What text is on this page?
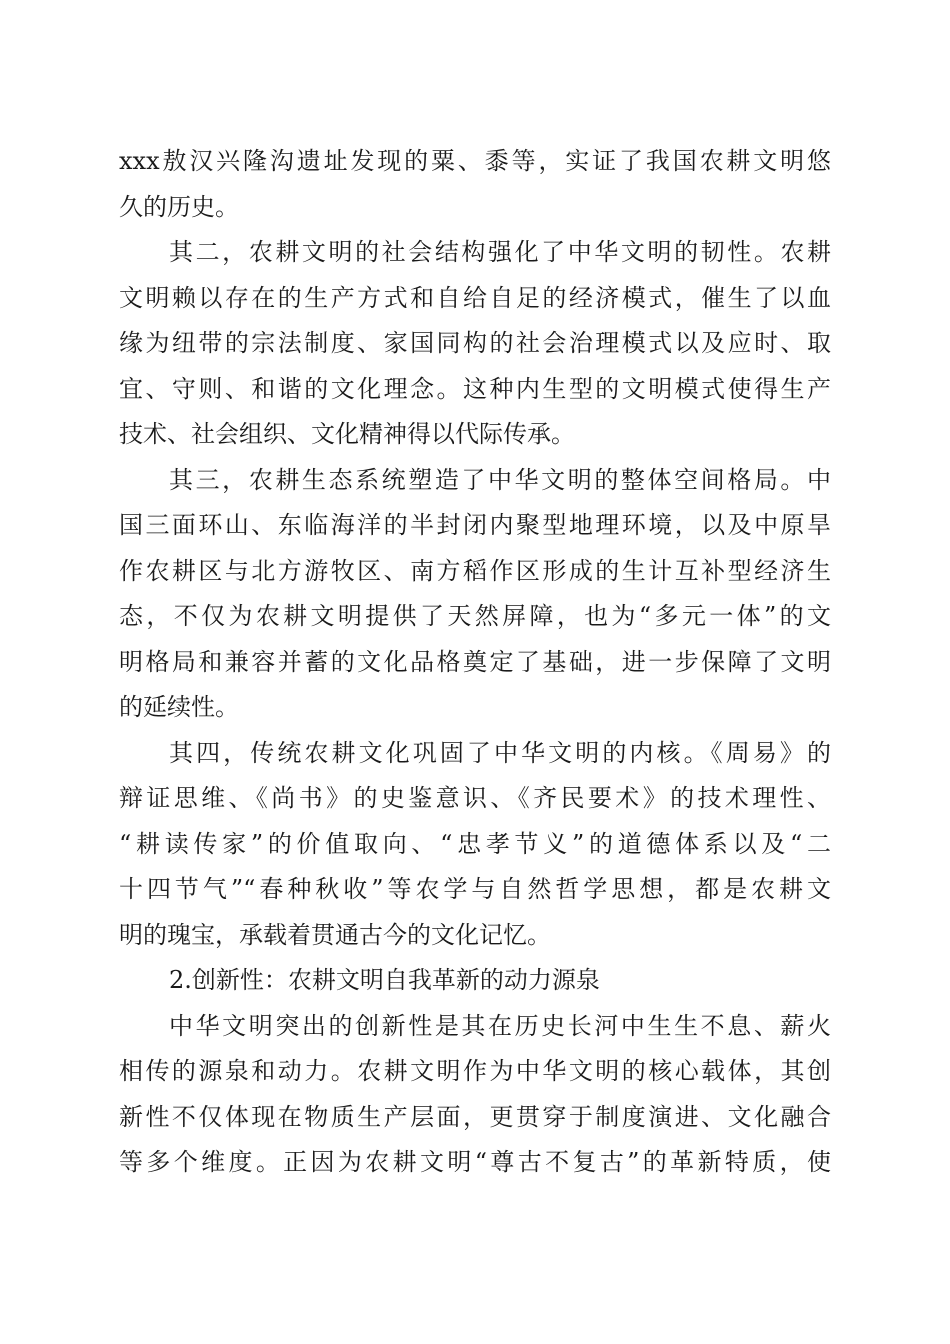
xxx敖汉兴隆沟遗址发现的粟、黍等，实证了我国农耕文明悠
久的历史。
其二，农耕文明的社会结构强化了中华文明的韧性。农耕
文明赖以存在的生产方式和自给自足的经济模式，催生了以血
缘为纽带的宗法制度、家国同构的社会治理模式以及应时、取
宜、守则、和谐的文化理念。这种内生型的文明模式使得生产
技术、社会组织、文化精神得以代际传承。
其三，农耕生态系统塑造了中华文明的整体空间格局。中
国三面环山、东临海洋的半封闭内聚型地理环境，以及中原旱
作农耕区与北方游牧区、南方稻作区形成的生计互补型经济生
态，不仅为农耕文明提供了天然屏障，也为“多元一体”的文
明格局和兼容并蓄的文化品格奠定了基础，进一步保障了文明
的延续性。
其四，传统农耕文化巩固了中华文明的内核。《周易》的
辩证思维、《尚书》的史鉴意识、《齐民要术》的技术理性、
“耕读传家”的价值取向、“忠孝节义”的道德体系以及“二
十四节气”“春种秋收”等农学与自然哲学思想，都是农耕文
明的瑰宝，承载着贯通古今的文化记忆。
2.创新性：农耕文明自我革新的动力源泉
中华文明突出的创新性是其在历史长河中生生不息、薪火
相传的源泉和动力。农耕文明作为中华文明的核心载体，其创
新性不仅体现在物质生产层面，更贯穿于制度演进、文化融合
等多个维度。正因为农耕文明“尊古不复古”的革新特质，使
